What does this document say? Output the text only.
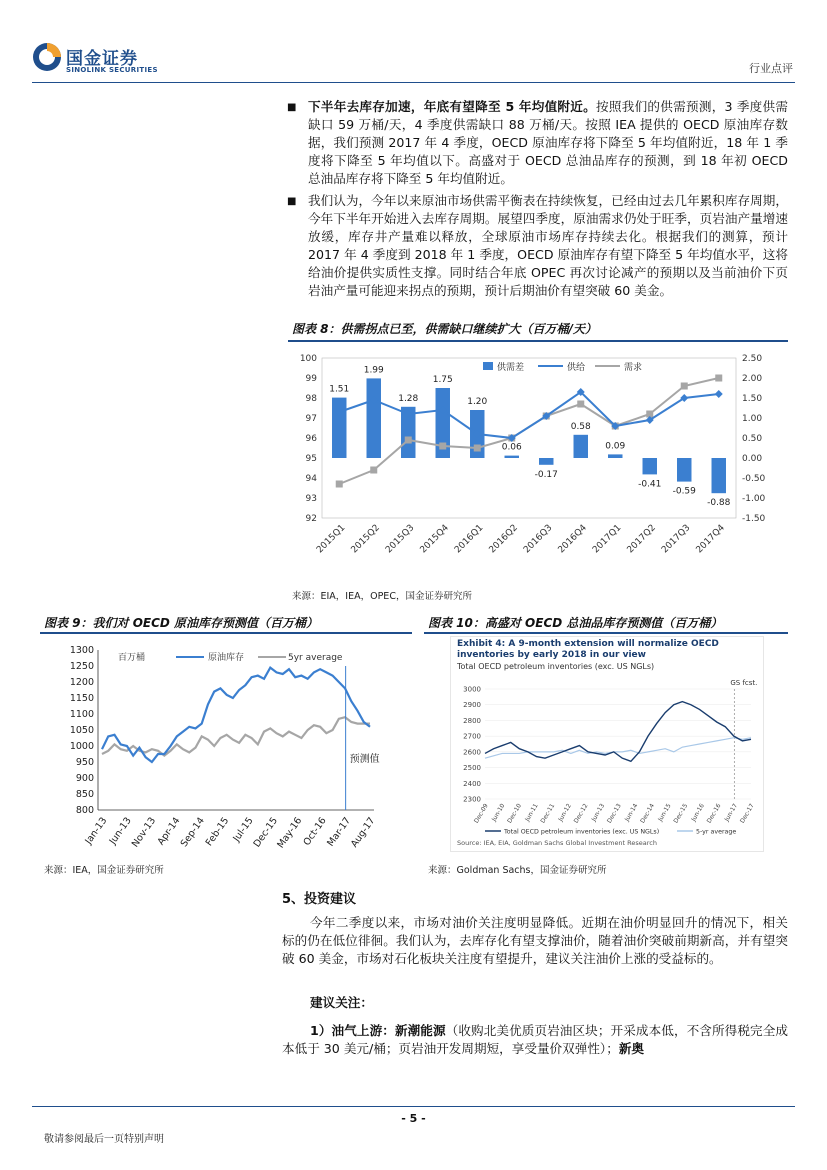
国金证券
SINOLINK SECURITIES	行业点评
■ 下半年去库存加速，年底有望降至 5 年均值附近。按照我们的供需预测，3 季度供需缺口 59 万桶/天，4 季度供需缺口 88 万桶/天。按照 IEA 提供的 OECD 原油库存数据，我们预测 2017 年 4 季度，OECD 原油库存将下降至 5 年均值附近，18 年 1 季度将下降至 5 年均值以下。高盛对于 OECD 总油品库存的预测，到 18 年初 OECD 总油品库存将下降至 5 年均值附近。

■ 我们认为，今年以来原油市场供需平衡表在持续恢复，已经由过去几年累积库存周期，今年下半年开始进入去库存周期。展望四季度，原油需求仍处于旺季，页岩油产量增速放缓，库存井产量难以释放，全球原油市场库存持续去化。根据我们的测算，预计 2017 年 4 季度到 2018 年 1 季度，OECD 原油库存有望下降至 5 年均值水平，这将给油价提供实质性支撑。同时结合年底 OPEC 再次讨论减产的预期以及当前油价下页岩油产量可能迎来拐点的预期，预计后期油价有望突破 60 美金。

图表 8：供需拐点已至，供需缺口继续扩大（百万桶/天）
92
93
94
95
96
97
98
99
100
-1.50
-1.00
-0.50
0.00
0.50
1.00
1.50
2.00
2.50
1.51
1.99
1.28
1.75
1.20
0.06
-0.17
0.58
0.09
-0.41
-0.59
-0.88
供需差	供给	需求
2015Q1 2015Q2 2015Q3 2015Q4 2016Q1 2016Q2 2016Q3 2016Q4 2017Q1 2017Q2 2017Q3 2017Q4
来源：EIA，IEA，OPEC，国金证券研究所
图表 9：我们对 OECD 原油库存预测值（百万桶）
800
850
900
950
1000
1050
1100
1150
1200
1250
1300
预测值
百万桶	原油库存	5yr average
Jan-13
Jun-13
Nov-13
Apr-14
Sep-14
Feb-15 Jul-15
Dec-15
May-16
Oct-16
Mar-17
Aug-17
来源：IEA，国金证券研究所
图表 10：高盛对 OECD 总油品库存预测值（百万桶）
Exhibit 4: A 9-month extension will normalize OECD inventories by early 2018 in our view
Total OECD petroleum inventories (exc. US NGLs)
2300
2400
2500
2600
2700
2800
2900
3000
GS fcst.
Dec-09 Jun-10 Dec-10 Jun-11 Dec-11 Jun-12 Dec-12 Jun-13 Dec-13 Jun-14 Dec-14 Jun-15 Dec-15 Jun-16 Dec-16 Jun-17 Dec-17
Total OECD petroleum inventories (exc. US NGLs)	5-yr average
Source: IEA, EIA, Goldman Sachs Global Investment Research
来源：Goldman Sachs，国金证券研究所
5、投资建议

今年二季度以来，市场对油价关注度明显降低。近期在油价明显回升的情况下，相关标的仍在低位徘徊。我们认为，去库存化有望支撑油价，随着油价突破前期新高，并有望突破 60 美金，市场对石化板块关注度有望提升，建议关注油价上涨的受益标的。

建议关注：

1）油气上游：新潮能源（收购北美优质页岩油区块；开采成本低，不含所得税完全成本低于 30 美元/桶；页岩油开发周期短，享受量价双弹性）；新奥

- 5 -
敬请参阅最后一页特别声明
